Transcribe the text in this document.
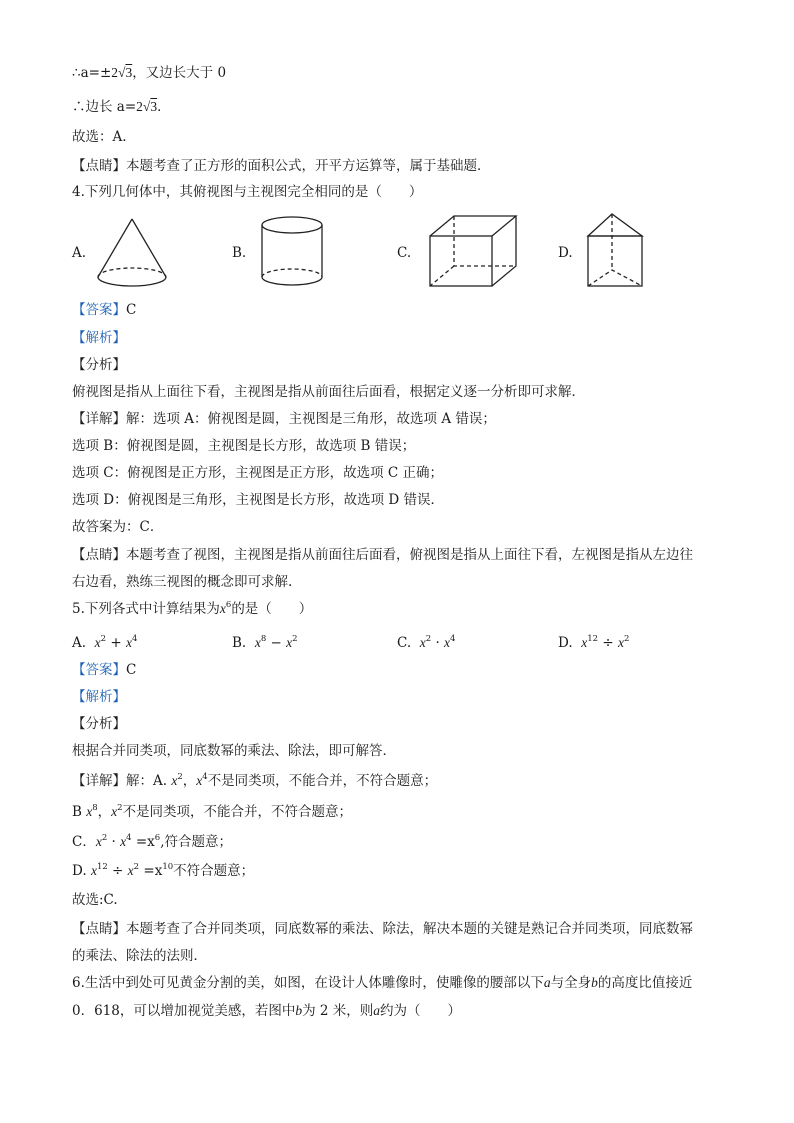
∴a=±2√3，又边长大于 0
∴边长 a=2√3．
故选：A.
【点睛】本题考查了正方形的面积公式，开平方运算等，属于基础题．
4.下列几何体中，其俯视图与主视图完全相同的是（　　）
A.	B.	C.	D.
【答案】C
【解析】
【分析】
俯视图是指从上面往下看，主视图是指从前面往后面看，根据定义逐一分析即可求解．
【详解】解：选项 A：俯视图是圆，主视图是三角形，故选项 A 错误；
选项 B：俯视图是圆，主视图是长方形，故选项 B 错误；
选项 C：俯视图是正方形，主视图是正方形，故选项 C 正确；
选项 D：俯视图是三角形，主视图是长方形，故选项 D 错误．
故答案为：C．
【点睛】本题考查了视图，主视图是指从前面往后面看，俯视图是指从上面往下看，左视图是指从左边往
右边看，熟练三视图的概念即可求解.
5.下列各式中计算结果为$x^6$的是（　　）
A. $x^2 + x^4$	B. $x^8 - x^2$	C. $x^2 \cdot x^4$	D. $x^{12} \div x^2$
【答案】C
【解析】
【分析】
根据合并同类项，同底数幂的乘法、除法，即可解答．
【详解】解：A. $x^2$，$x^4$不是同类项，不能合并，不符合题意；
B $x^8$，$x^2$不是同类项，不能合并，不符合题意；
C．$x^2 \cdot x^4 =x^6$,符合题意；
D. $x^{12} \div x^2 =x^{10}$不符合题意；
故选:C.
【点睛】本题考查了合并同类项，同底数幂的乘法、除法，解决本题的关键是熟记合并同类项，同底数幂
的乘法、除法的法则．
6.生活中到处可见黄金分割的美，如图，在设计人体雕像时，使雕像的腰部以下a与全身b的高度比值接近
0．618，可以增加视觉美感，若图中b为 2 米，则a约为（　　）
